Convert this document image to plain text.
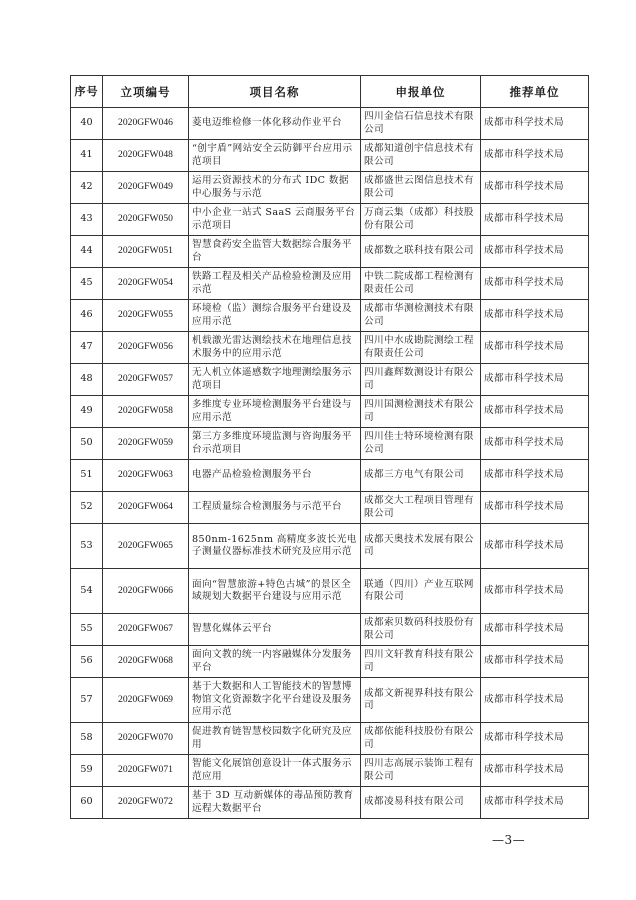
序号	立项编号	项目名称	申报单位	推荐单位
40	2020GFW046	菱电迈维检修一体化移动作业平台	四川金信石信息技术有限公司	成都市科学技术局
41	2020GFW048	“创宇盾”网站安全云防御平台应用示范项目	成都知道创宇信息技术有限公司	成都市科学技术局
42	2020GFW049	运用云资源技术的分布式 IDC 数据中心服务与示范	成都盛世云图信息技术有限公司	成都市科学技术局
43	2020GFW050	中小企业一站式 SaaS 云商服务平台示范项目	万商云集（成都）科技股份有限公司	成都市科学技术局
44	2020GFW051	智慧食药安全监管大数据综合服务平台	成都数之联科技有限公司	成都市科学技术局
45	2020GFW054	铁路工程及相关产品检验检测及应用示范	中铁二院成都工程检测有限责任公司	成都市科学技术局
46	2020GFW055	环境检（监）测综合服务平台建设及应用示范	成都市华测检测技术有限公司	成都市科学技术局
47	2020GFW056	机载激光雷达测绘技术在地理信息技术服务中的应用示范	四川中水成勘院测绘工程有限责任公司	成都市科学技术局
48	2020GFW057	无人机立体遥感数字地理测绘服务示范项目	四川鑫辉数测设计有限公司	成都市科学技术局
49	2020GFW058	多维度专业环境检测服务平台建设与应用示范	四川国测检测技术有限公司	成都市科学技术局
50	2020GFW059	第三方多维度环境监测与咨询服务平台示范项目	四川佳士特环境检测有限公司	成都市科学技术局
51	2020GFW063	电器产品检验检测服务平台	成都三方电气有限公司	成都市科学技术局
52	2020GFW064	工程质量综合检测服务与示范平台	成都交大工程项目管理有限公司	成都市科学技术局
53	2020GFW065	850nm-1625nm 高精度多波长光电子测量仪器标准技术研究及应用示范	成都天奥技术发展有限公司	成都市科学技术局
54	2020GFW066	面向“智慧旅游+特色古城”的景区全域规划大数据平台建设与应用示范	联通（四川）产业互联网有限公司	成都市科学技术局
55	2020GFW067	智慧化媒体云平台	成都索贝数码科技股份有限公司	成都市科学技术局
56	2020GFW068	面向文教的统一内容融媒体分发服务平台	四川文轩教育科技有限公司	成都市科学技术局
57	2020GFW069	基于大数据和人工智能技术的智慧博物馆文化资源数字化平台建设及服务应用示范	成都文新视界科技有限公司	成都市科学技术局
58	2020GFW070	促进教育链智慧校园数字化研究及应用	成都依能科技股份有限公司	成都市科学技术局
59	2020GFW071	智能文化展馆创意设计一体式服务示范应用	四川志高展示装饰工程有限公司	成都市科学技术局
60	2020GFW072	基于 3D 互动新媒体的毒品预防教育远程大数据平台	成都凌易科技有限公司	成都市科学技术局
—3—
